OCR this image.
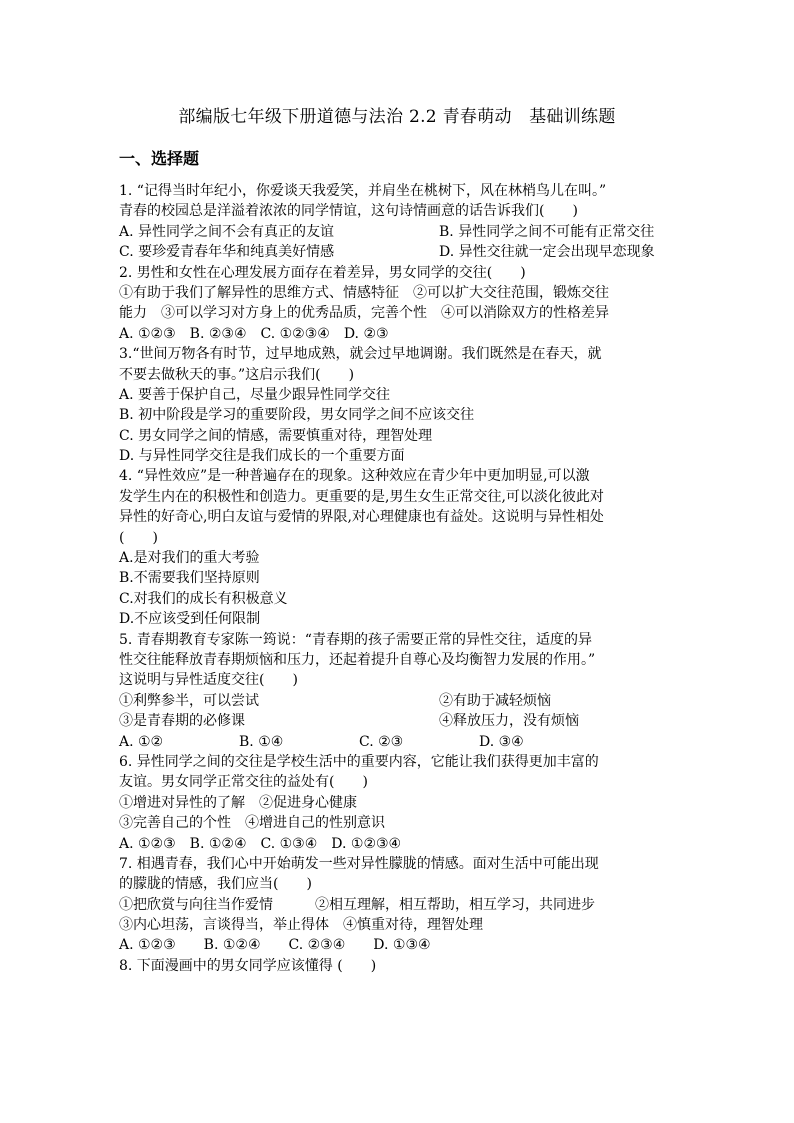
部编版七年级下册道德与法治 2.2 青春萌动　基础训练题
一、选择题
1. “记得当时年纪小，你爱谈天我爱笑，并肩坐在桃树下，风在林梢鸟儿在叫。”
青春的校园总是洋溢着浓浓的同学情谊，这句诗情画意的话告诉我们(　　)
A. 异性同学之间不会有真正的友谊	B. 异性同学之间不可能有正常交往
C. 要珍爱青春年华和纯真美好情感	D. 异性交往就一定会出现早恋现象
2. 男性和女性在心理发展方面存在着差异，男女同学的交往(　　)
①有助于我们了解异性的思维方式、情感特征　②可以扩大交往范围，锻炼交往
能力　③可以学习对方身上的优秀品质，完善个性　④可以消除双方的性格差异
A. ①②③　B. ②③④　C. ①②③④　D. ②③
3.“世间万物各有时节，过早地成熟，就会过早地调谢。我们既然是在春天，就
不要去做秋天的事。”这启示我们(　　)
A. 要善于保护自己，尽量少跟异性同学交往
B. 初中阶段是学习的重要阶段，男女同学之间不应该交往
C. 男女同学之间的情感，需要慎重对待，理智处理
D. 与异性同学交往是我们成长的一个重要方面
4. “异性效应”是一种普遍存在的现象。这种效应在青少年中更加明显,可以激
发学生内在的积极性和创造力。更重要的是,男生女生正常交往,可以淡化彼此对
异性的好奇心,明白友谊与爱情的界限,对心理健康也有益处。这说明与异性相处
(　　)
A.是对我们的重大考验
B.不需要我们坚持原则
C.对我们的成长有积极意义
D.不应该受到任何限制
5. 青春期教育专家陈一筠说：“青春期的孩子需要正常的异性交往，适度的异
性交往能释放青春期烦恼和压力，还起着提升自尊心及均衡智力发展的作用。”
这说明与异性适度交往(　　)
①利弊参半，可以尝试	②有助于减轻烦恼
③是青春期的必修课	④释放压力，没有烦恼
A. ①②	B. ①④	C. ②③	D. ③④
6. 异性同学之间的交往是学校生活中的重要内容，它能让我们获得更加丰富的
友谊。男女同学正常交往的益处有(　　)
①增进对异性的了解　②促进身心健康
③完善自己的个性　④增进自己的性别意识
A. ①②③　B. ①②④　C. ①③④　D. ①②③④
7. 相遇青春，我们心中开始萌发一些对异性朦胧的情感。面对生活中可能出现
的朦胧的情感，我们应当(　　)
①把欣赏与向往当作爱情　　　②相互理解，相互帮助，相互学习，共同进步
③内心坦荡，言谈得当，举止得体　④慎重对待，理智处理
A. ①②③　　B. ①②④　　C. ②③④　　D. ①③④
8. 下面漫画中的男女同学应该懂得 (　　)
